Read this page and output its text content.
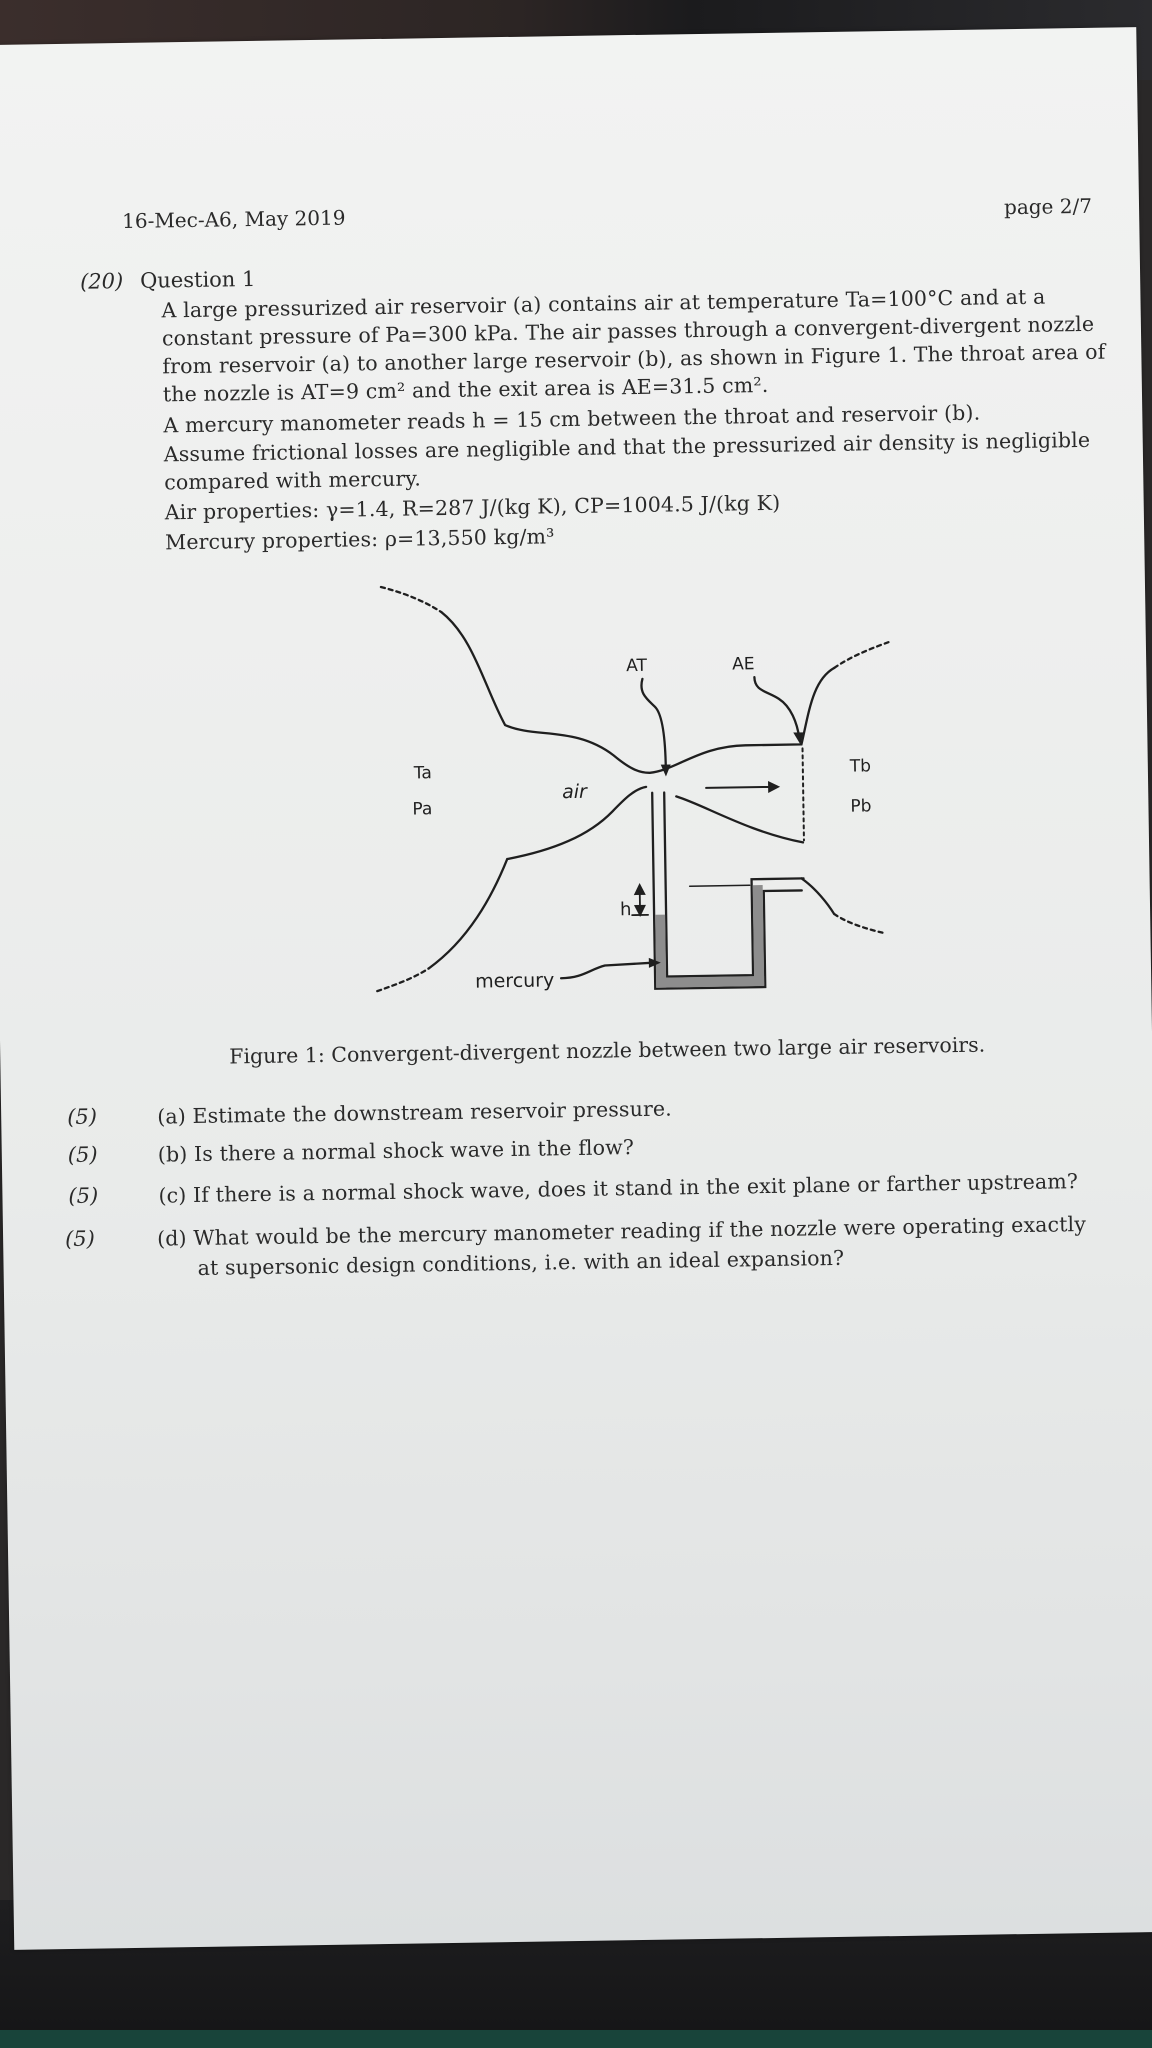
16-Mec-A6, May 2019	page 2/7
(20) Question 1
A large pressurized air reservoir (a) contains air at temperature Ta=100°C and at a
constant pressure of Pa=300 kPa. The air passes through a convergent-divergent nozzle
from reservoir (a) to another large reservoir (b), as shown in Figure 1. The throat area of
the nozzle is AT=9 cm² and the exit area is AE=31.5 cm².
A mercury manometer reads h = 15 cm between the throat and reservoir (b).
Assume frictional losses are negligible and that the pressurized air density is negligible
compared with mercury.
Air properties: γ=1.4, R=287 J/(kg K), CP=1004.5 J/(kg K)
Mercury properties: ρ=13,550 kg/m³
Ta
Pa
air
AT	AE
Tb
Pb
h
mercury
Figure 1: Convergent-divergent nozzle between two large air reservoirs.
(5)	(a) Estimate the downstream reservoir pressure.
(5)	(b) Is there a normal shock wave in the flow?
(5)	(c) If there is a normal shock wave, does it stand in the exit plane or farther upstream?
(5)	(d) What would be the mercury manometer reading if the nozzle were operating exactly
at supersonic design conditions, i.e. with an ideal expansion?
